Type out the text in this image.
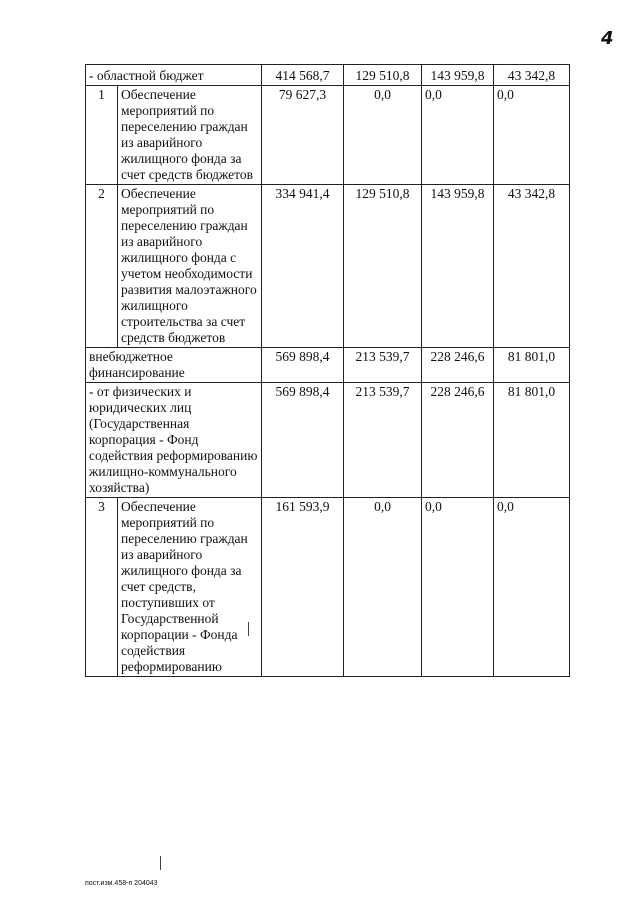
4
- областной бюджет		414 568,7	129 510,8	143 959,8	43 342,8
1	Обеспечение мероприятий по переселению граждан из аварийного жилищного фонда за счет средств бюджетов	79 627,3	0,0	0,0	0,0
2	Обеспечение мероприятий по переселению граждан из аварийного жилищного фонда с учетом необходимости развития малоэтажного жилищного строительства за счет средств бюджетов	334 941,4	129 510,8	143 959,8	43 342,8
внебюджетное финансирование		569 898,4	213 539,7	228 246,6	81 801,0
- от физических и юридических лиц (Государственная корпорация - Фонд содействия реформированию жилищно-коммунального хозяйства)		569 898,4	213 539,7	228 246,6	81 801,0
3	Обеспечение мероприятий по переселению граждан из аварийного жилищного фонда за счет средств, поступивших от Государственной корпорации - Фонда содействия реформированию	161 593,9	0,0	0,0	0,0
пост.изм.458-п 204043
